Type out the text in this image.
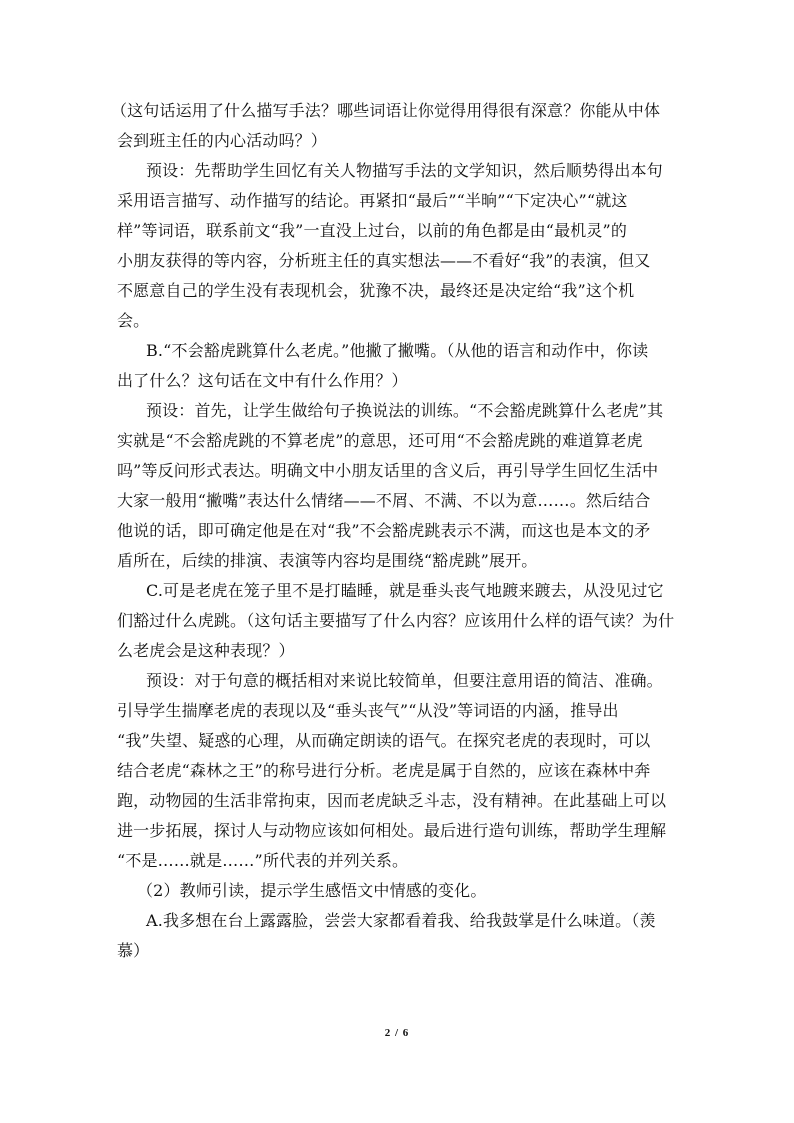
（这句话运用了什么描写手法？哪些词语让你觉得用得很有深意？你能从中体
会到班主任的内心活动吗？）
预设：先帮助学生回忆有关人物描写手法的文学知识，然后顺势得出本句
采用语言描写、动作描写的结论。再紧扣“最后”“半晌”“下定决心”“就这
样”等词语，联系前文“我”一直没上过台，以前的角色都是由“最机灵”的
小朋友获得的等内容，分析班主任的真实想法——不看好“我”的表演，但又
不愿意自己的学生没有表现机会，犹豫不决，最终还是决定给“我”这个机
会。
B.“不会豁虎跳算什么老虎。”他撇了撇嘴。（从他的语言和动作中，你读
出了什么？这句话在文中有什么作用？）
预设：首先，让学生做给句子换说法的训练。“不会豁虎跳算什么老虎”其
实就是“不会豁虎跳的不算老虎”的意思，还可用“不会豁虎跳的难道算老虎
吗”等反问形式表达。明确文中小朋友话里的含义后，再引导学生回忆生活中
大家一般用“撇嘴”表达什么情绪——不屑、不满、不以为意……。然后结合
他说的话，即可确定他是在对“我”不会豁虎跳表示不满，而这也是本文的矛
盾所在，后续的排演、表演等内容均是围绕“豁虎跳”展开。
C.可是老虎在笼子里不是打瞌睡，就是垂头丧气地踱来踱去，从没见过它
们豁过什么虎跳。（这句话主要描写了什么内容？应该用什么样的语气读？为什
么老虎会是这种表现？）
预设：对于句意的概括相对来说比较简单，但要注意用语的简洁、准确。
引导学生揣摩老虎的表现以及“垂头丧气”“从没”等词语的内涵，推导出
“我”失望、疑惑的心理，从而确定朗读的语气。在探究老虎的表现时，可以
结合老虎“森林之王”的称号进行分析。老虎是属于自然的，应该在森林中奔
跑，动物园的生活非常拘束，因而老虎缺乏斗志，没有精神。在此基础上可以
进一步拓展，探讨人与动物应该如何相处。最后进行造句训练，帮助学生理解
“不是……就是……”所代表的并列关系。
（2）教师引读，提示学生感悟文中情感的变化。
A.我多想在台上露露脸，尝尝大家都看着我、给我鼓掌是什么味道。（羡
慕）
2 / 6
